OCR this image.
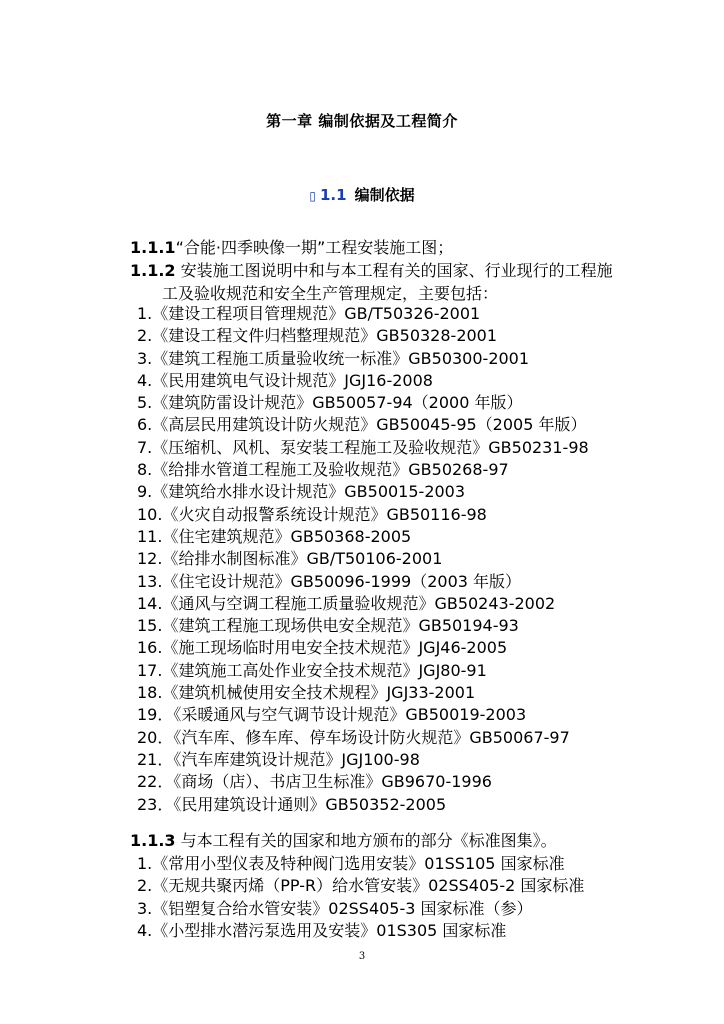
第一章 编制依据及工程简介
▯ 1.1 编制依据
1.1.1“合能·四季映像一期”工程安装施工图；
1.1.2 安装施工图说明中和与本工程有关的国家、行业现行的工程施
工及验收规范和安全生产管理规定，主要包括：
1.《建设工程项目管理规范》GB/T50326-2001
2.《建设工程文件归档整理规范》GB50328-2001
3.《建筑工程施工质量验收统一标准》GB50300-2001
4.《民用建筑电气设计规范》JGJ16-2008
5.《建筑防雷设计规范》GB50057-94（2000 年版）
6.《高层民用建筑设计防火规范》GB50045-95（2005 年版）
7.《压缩机、风机、泵安装工程施工及验收规范》GB50231-98
8.《给排水管道工程施工及验收规范》GB50268-97
9.《建筑给水排水设计规范》GB50015-2003
10.《火灾自动报警系统设计规范》GB50116-98
11.《住宅建筑规范》GB50368-2005
12.《给排水制图标准》GB/T50106-2001
13.《住宅设计规范》GB50096-1999（2003 年版）
14.《通风与空调工程施工质量验收规范》GB50243-2002
15.《建筑工程施工现场供电安全规范》GB50194-93
16.《施工现场临时用电安全技术规范》JGJ46-2005
17.《建筑施工高处作业安全技术规范》JGJ80-91
18.《建筑机械使用安全技术规程》JGJ33-2001
19．《采暖通风与空气调节设计规范》GB50019-2003
20．《汽车库、修车库、停车场设计防火规范》GB50067-97
21．《汽车库建筑设计规范》JGJ100-98
22．《商场（店）、书店卫生标准》GB9670-1996
23．《民用建筑设计通则》GB50352-2005
1.1.3 与本工程有关的国家和地方颁布的部分《标准图集》。
1.《常用小型仪表及特种阀门选用安装》01SS105 国家标准
2.《无规共聚丙烯（PP-R）给水管安装》02SS405-2 国家标准
3.《铝塑复合给水管安装》02SS405-3 国家标准（参）
4.《小型排水潜污泵选用及安装》01S305 国家标准
3
